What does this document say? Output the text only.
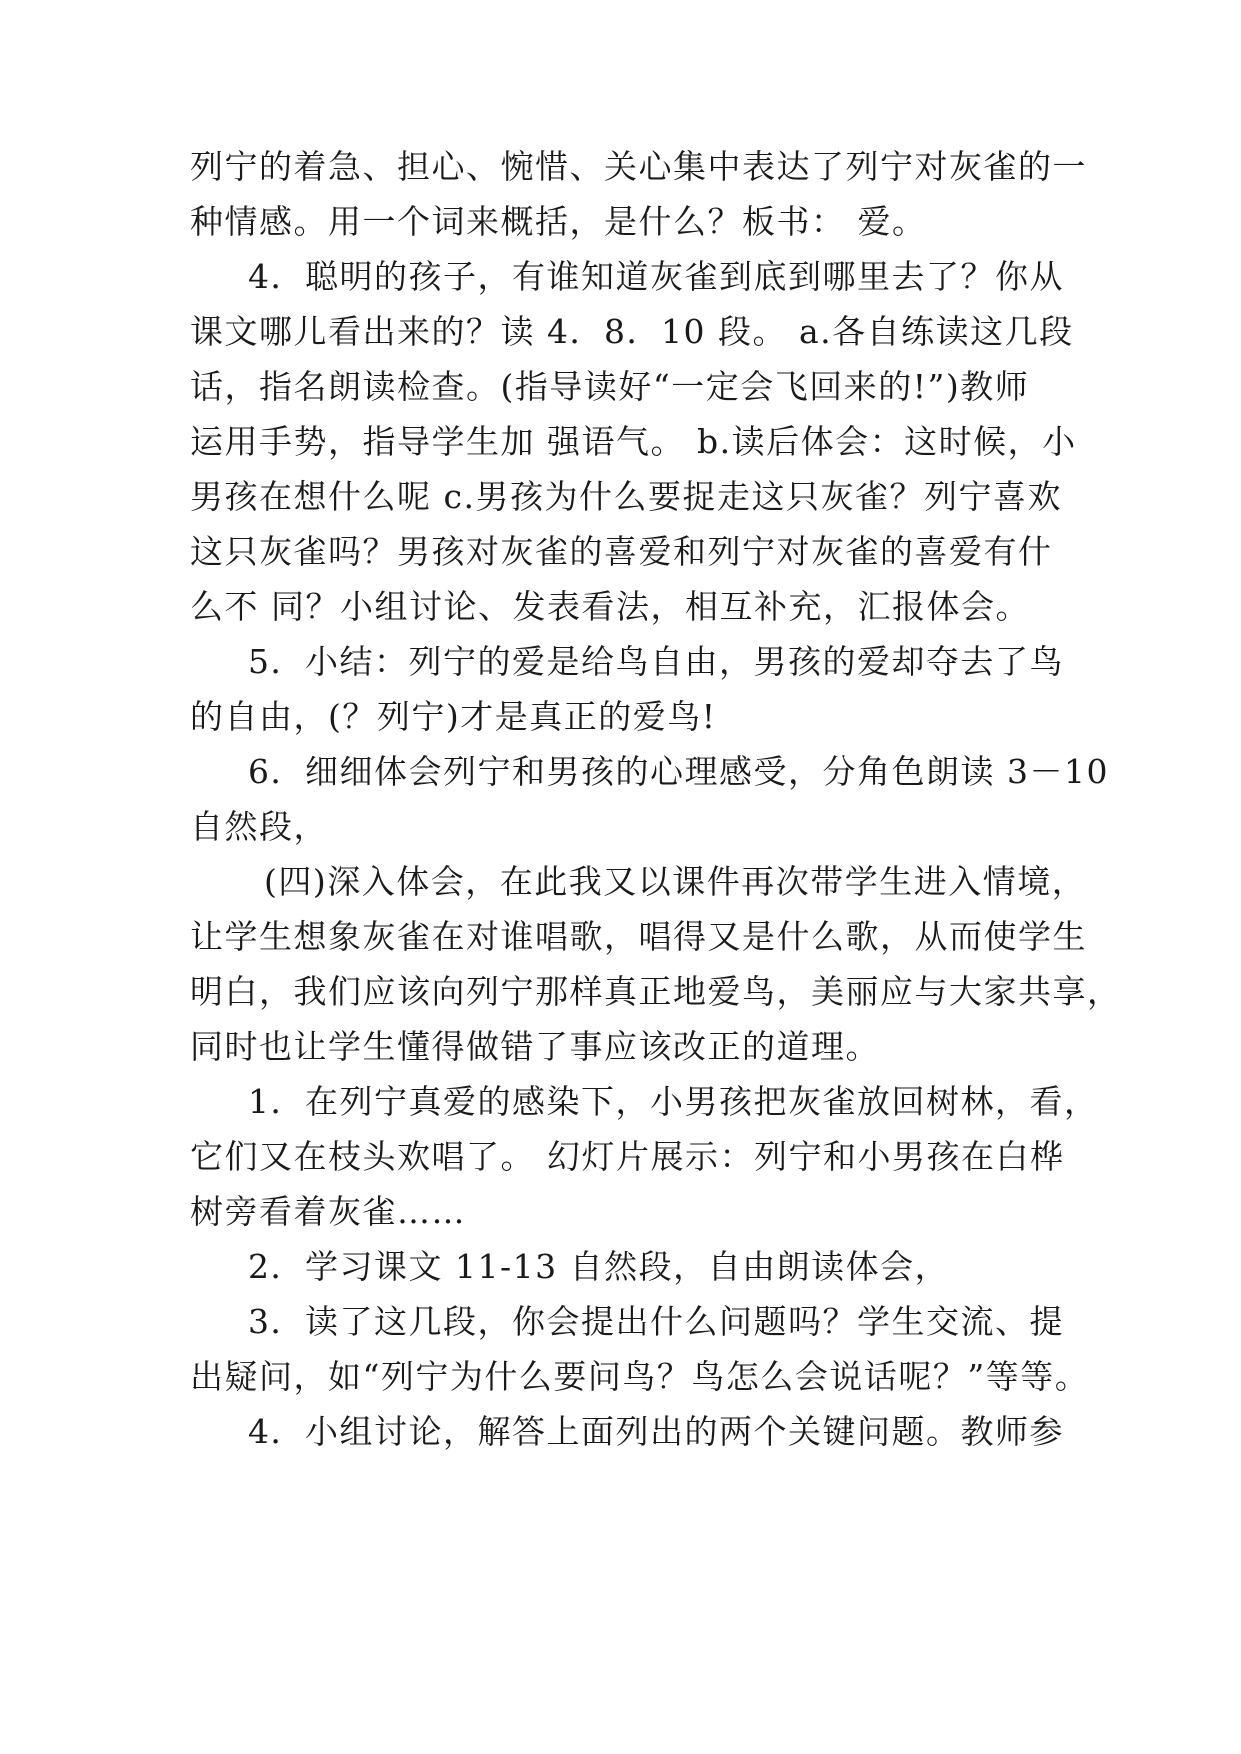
列宁的着急、担心、惋惜、关心集中表达了列宁对灰雀的一
种情感。用一个词来概括，是什么？板书： 爱。
4．聪明的孩子，有谁知道灰雀到底到哪里去了？你从
课文哪儿看出来的？读 4．8．10 段。 a.各自练读这几段
话，指名朗读检查。(指导读好“一定会飞回来的!”)教师
运用手势，指导学生加 强语气。 b.读后体会：这时候，小
男孩在想什么呢 c.男孩为什么要捉走这只灰雀？列宁喜欢
这只灰雀吗？男孩对灰雀的喜爱和列宁对灰雀的喜爱有什
么不 同？小组讨论、发表看法，相互补充，汇报体会。
5．小结：列宁的爱是给鸟自由，男孩的爱却夺去了鸟
的自由，(？列宁)才是真正的爱鸟!
6．细细体会列宁和男孩的心理感受，分角色朗读 3－10
自然段，
(四)深入体会，在此我又以课件再次带学生进入情境，
让学生想象灰雀在对谁唱歌，唱得又是什么歌，从而使学生
明白，我们应该向列宁那样真正地爱鸟，美丽应与大家共享，
同时也让学生懂得做错了事应该改正的道理。
1．在列宁真爱的感染下，小男孩把灰雀放回树林，看，
它们又在枝头欢唱了。 幻灯片展示：列宁和小男孩在白桦
树旁看着灰雀……
2．学习课文 11-13 自然段，自由朗读体会，
3．读了这几段，你会提出什么问题吗？学生交流、提
出疑问，如“列宁为什么要问鸟？鸟怎么会说话呢？”等等。
4．小组讨论，解答上面列出的两个关键问题。教师参
